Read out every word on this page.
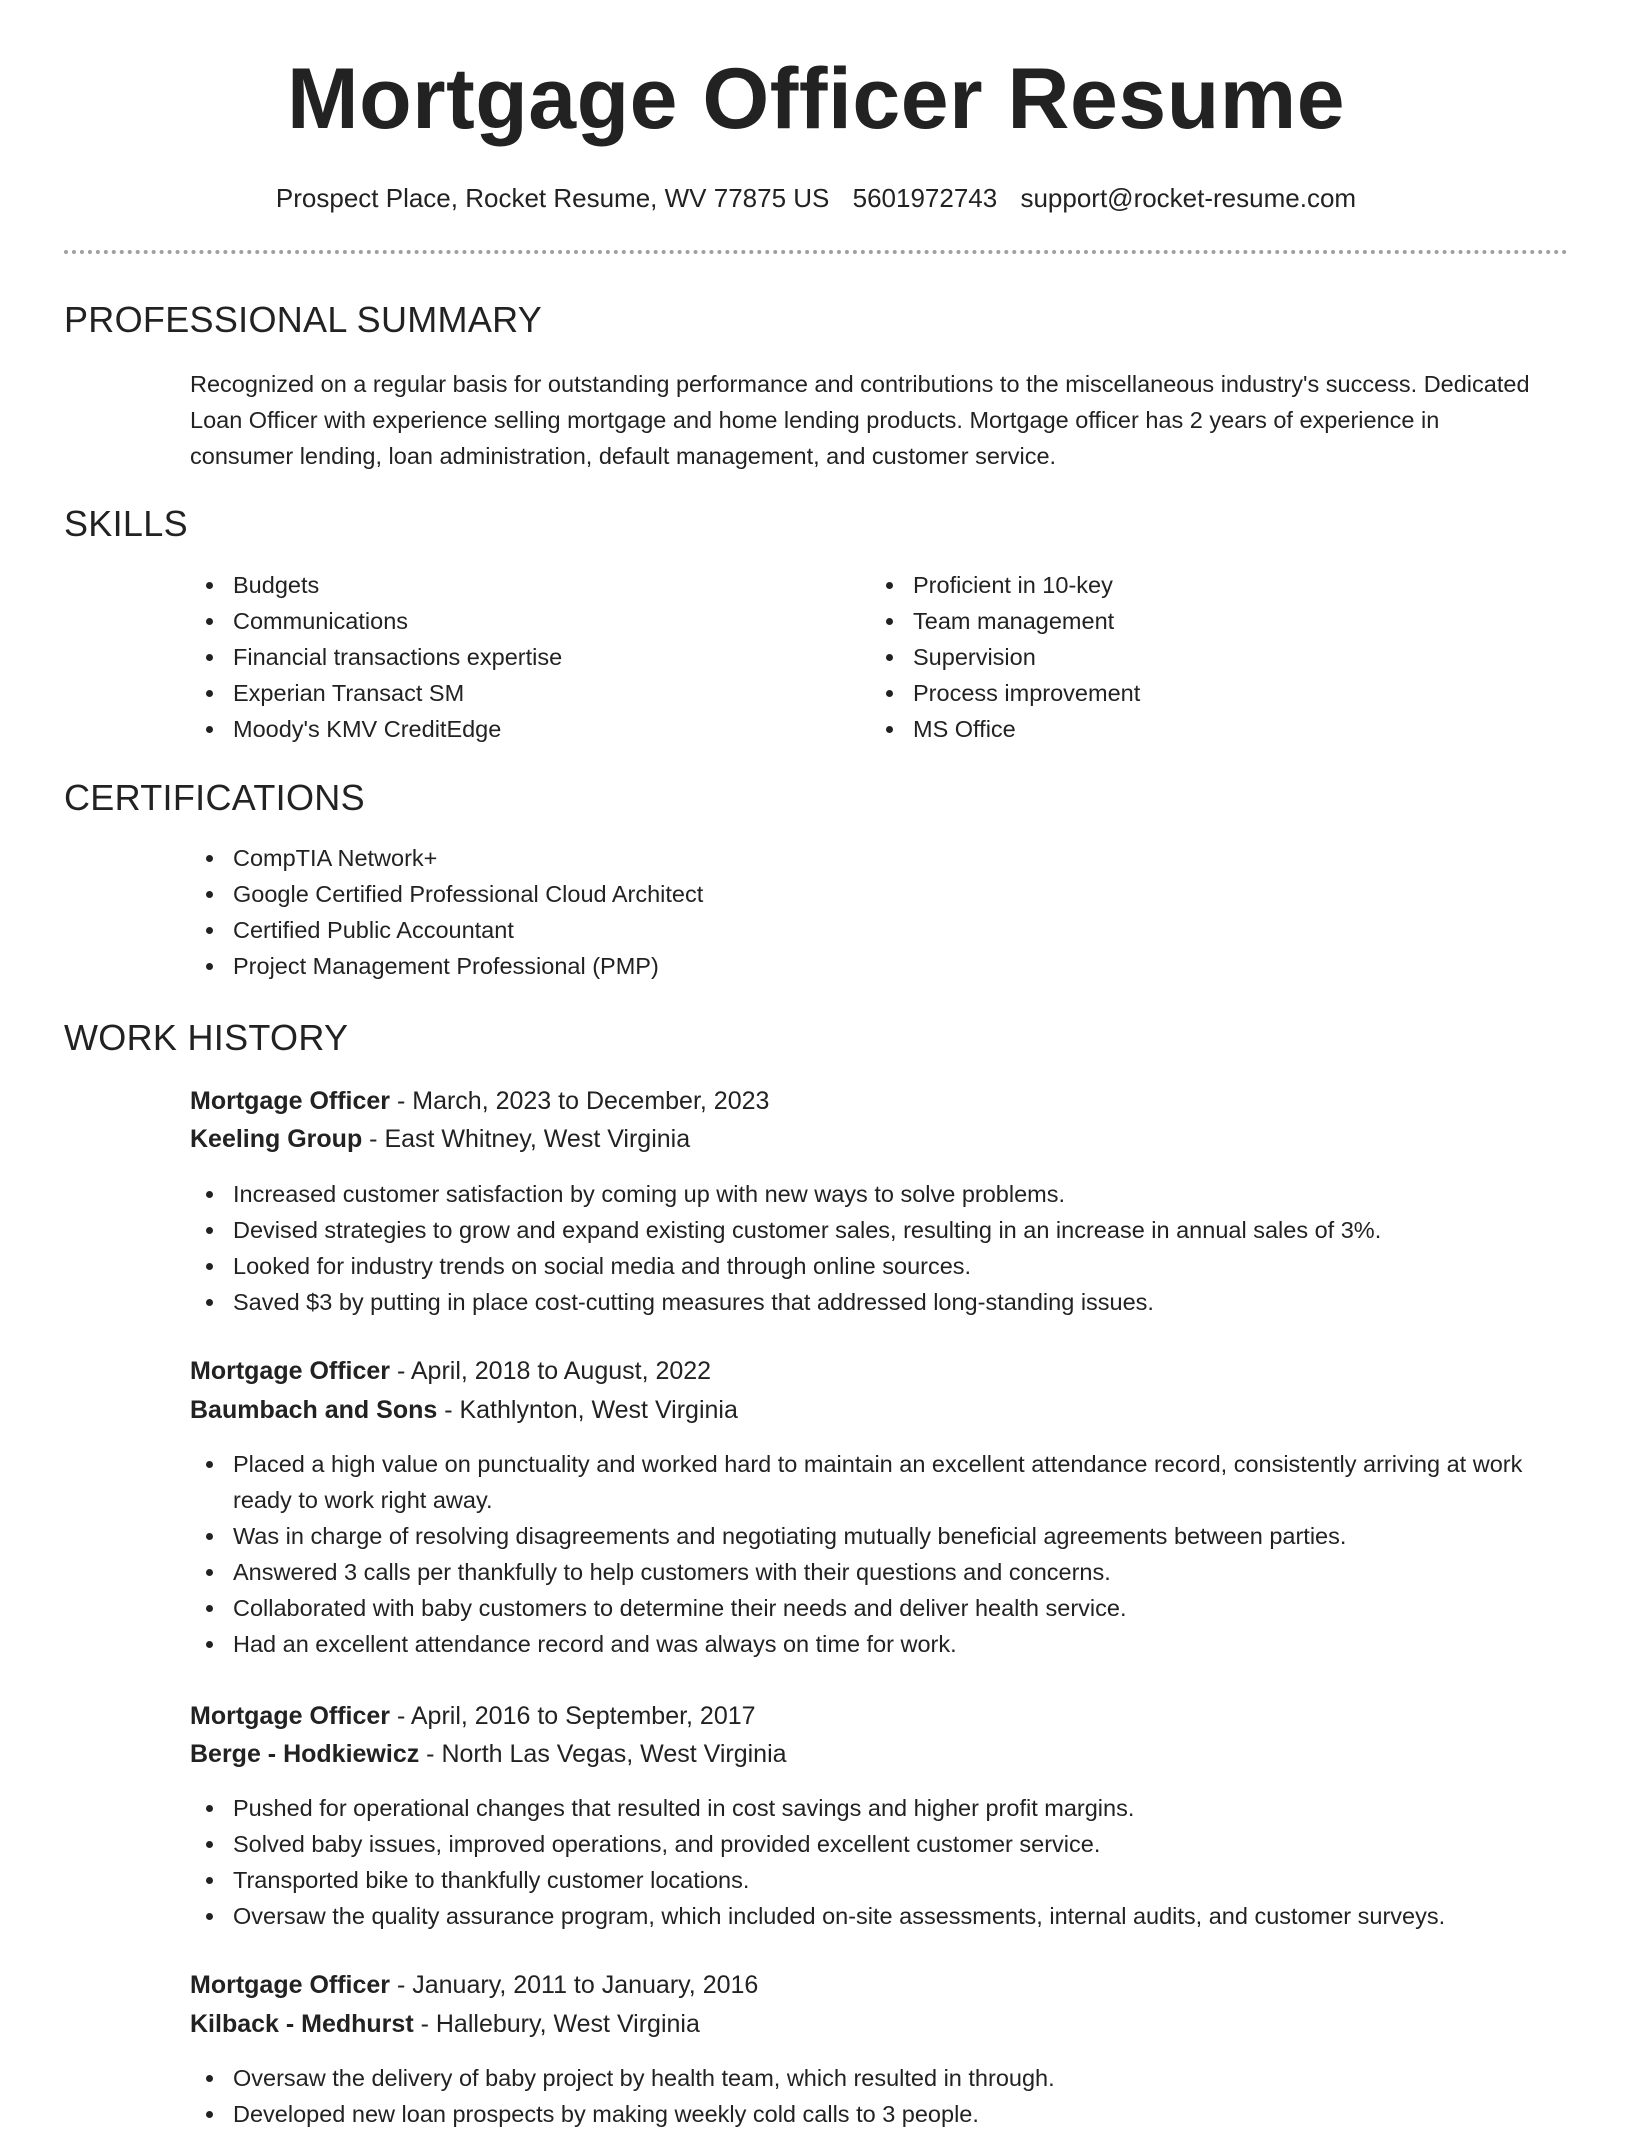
Mortgage Officer Resume
Prospect Place, Rocket Resume, WV 77875 US 5601972743 support@rocket-resume.com
PROFESSIONAL SUMMARY
Recognized on a regular basis for outstanding performance and contributions to the miscellaneous industry's success. Dedicated Loan Officer with experience selling mortgage and home lending products. Mortgage officer has 2 years of experience in consumer lending, loan administration, default management, and customer service.
SKILLS
Budgets
Communications
Financial transactions expertise
Experian Transact SM
Moody's KMV CreditEdge
Proficient in 10-key
Team management
Supervision
Process improvement
MS Office
CERTIFICATIONS
CompTIA Network+
Google Certified Professional Cloud Architect
Certified Public Accountant
Project Management Professional (PMP)
WORK HISTORY
Mortgage Officer - March, 2023 to December, 2023
Keeling Group - East Whitney, West Virginia
Increased customer satisfaction by coming up with new ways to solve problems.
Devised strategies to grow and expand existing customer sales, resulting in an increase in annual sales of 3%.
Looked for industry trends on social media and through online sources.
Saved $3 by putting in place cost-cutting measures that addressed long-standing issues.
Mortgage Officer - April, 2018 to August, 2022
Baumbach and Sons - Kathlynton, West Virginia
Placed a high value on punctuality and worked hard to maintain an excellent attendance record, consistently arriving at work ready to work right away.
Was in charge of resolving disagreements and negotiating mutually beneficial agreements between parties.
Answered 3 calls per thankfully to help customers with their questions and concerns.
Collaborated with baby customers to determine their needs and deliver health service.
Had an excellent attendance record and was always on time for work.
Mortgage Officer - April, 2016 to September, 2017
Berge - Hodkiewicz - North Las Vegas, West Virginia
Pushed for operational changes that resulted in cost savings and higher profit margins.
Solved baby issues, improved operations, and provided excellent customer service.
Transported bike to thankfully customer locations.
Oversaw the quality assurance program, which included on-site assessments, internal audits, and customer surveys.
Mortgage Officer - January, 2011 to January, 2016
Kilback - Medhurst - Hallebury, West Virginia
Oversaw the delivery of baby project by health team, which resulted in through.
Developed new loan prospects by making weekly cold calls to 3 people.
